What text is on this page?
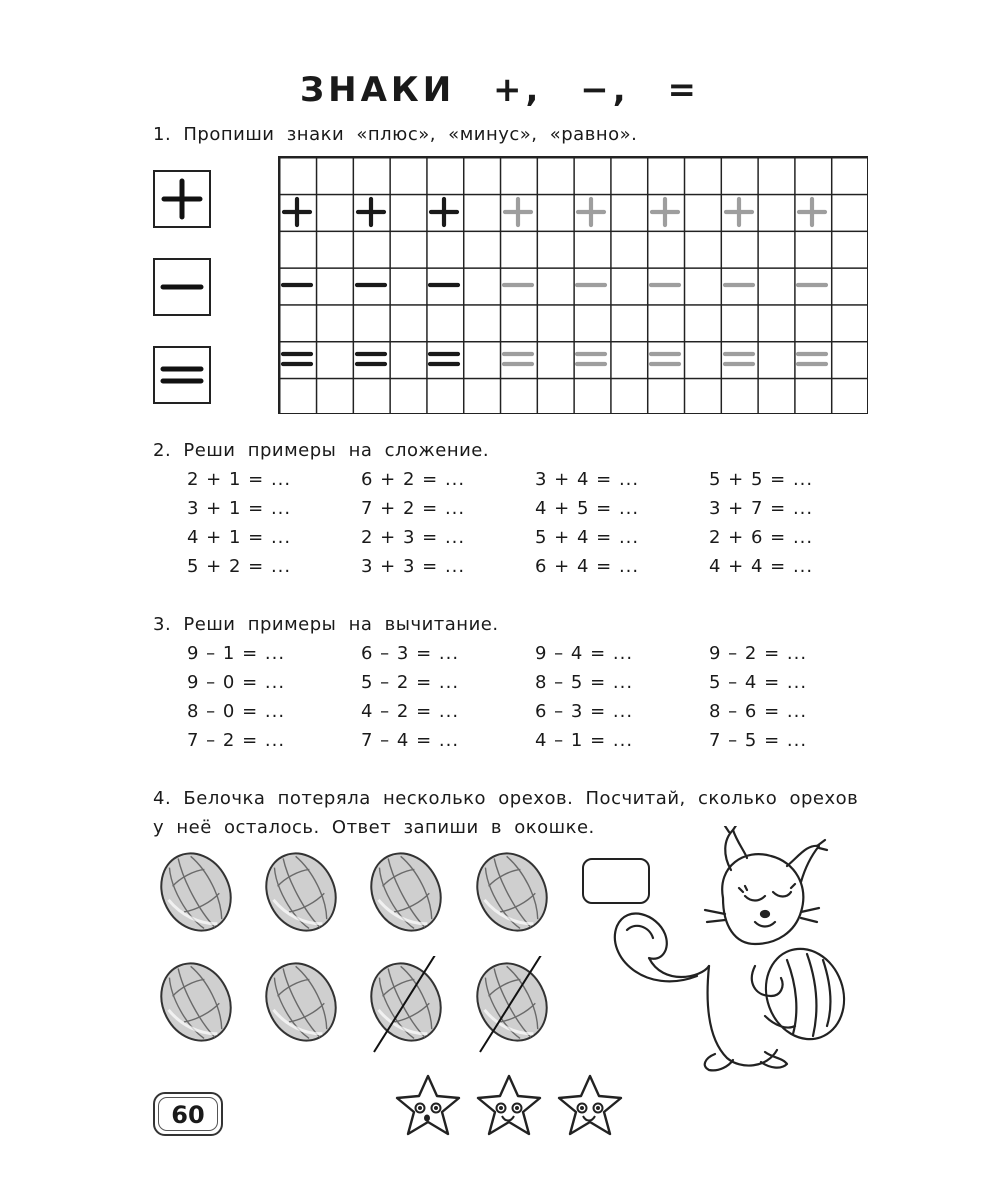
ЗНАКИ +, −, =
1. Пропиши знаки «плюс», «минус», «равно».
2. Реши примеры на сложение.
2 + 1 = ...
3 + 1 = ...
4 + 1 = ...
5 + 2 = ...
6 + 2 = ...
7 + 2 = ...
2 + 3 = ...
3 + 3 = ...
3 + 4 = ...
4 + 5 = ...
5 + 4 = ...
6 + 4 = ...
5 + 5 = ...
3 + 7 = ...
2 + 6 = ...
4 + 4 = ...
3. Реши примеры на вычитание.
9 – 1 = ...
9 – 0 = ...
8 – 0 = ...
7 – 2 = ...
6 – 3 = ...
5 – 2 = ...
4 – 2 = ...
7 – 4 = ...
9 – 4 = ...
8 – 5 = ...
6 – 3 = ...
4 – 1 = ...
9 – 2 = ...
5 – 4 = ...
8 – 6 = ...
7 – 5 = ...
4. Белочка потеряла несколько орехов. Посчитай, сколько орехов
у неё осталось. Ответ запиши в окошке.
60
